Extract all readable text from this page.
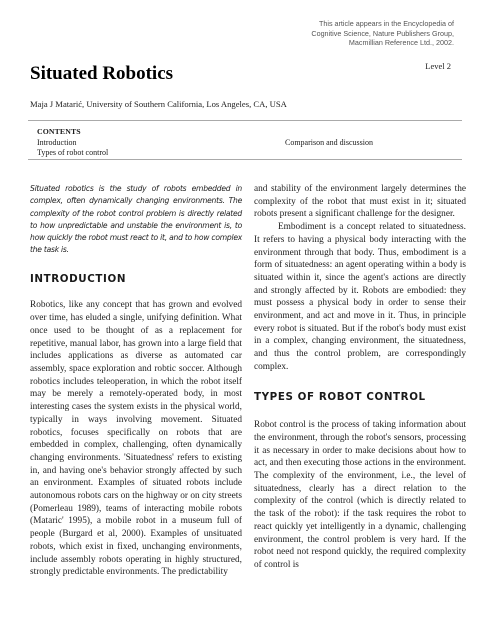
This article appears in the Encyclopedia of
Cognitive Science, Nature Publishers Group,
Macmillian Reference Ltd., 2002.
Level 2
Situated Robotics
Maja J Matarić, University of Southern California, Los Angeles, CA, USA
CONTENTS
Introduction
Types of robot control
Comparison and discussion

Situated robotics is the study of robots embedded in complex, often dynamically changing environments. The complexity of the robot control problem is directly related to how unpredictable and unstable the environment is, to how quickly the robot must react to it, and to how complex the task is.

INTRODUCTION

Robotics, like any concept that has grown and evolved over time, has eluded a single, unifying definition. What once used to be thought of as a replacement for repetitive, manual labor, has grown into a large field that includes applications as diverse as automated car assembly, space exploration and robtic soccer. Although robotics includes teleoperation, in which the robot itself may be merely a remotely-operated body, in most interesting cases the system exists in the physical world, typically in ways involving movement. Situated robotics, focuses specifically on robots that are embedded in complex, challenging, often dynamically changing environments. 'Situatedness' refers to existing in, and having one's behavior strongly affected by such an environment. Examples of situated robots include autonomous robots cars on the highway or on city streets (Pomerleau 1989), teams of interacting mobile robots (Mataric' 1995), a mobile robot in a museum full of people (Burgard et al, 2000). Examples of unsituated robots, which exist in fixed, unchanging environments, include assembly robots operating in highly structured, strongly predictable environments. The predictability

and stability of the environment largely determines the complexity of the robot that must exist in it; situated robots present a significant challenge for the designer.

Embodiment is a concept related to situatedness. It refers to having a physical body interacting with the environment through that body. Thus, embodiment is a form of situatedness: an agent operating within a body is situated within it, since the agent's actions are directly and strongly affected by it. Robots are embodied: they must possess a physical body in order to sense their environment, and act and move in it. Thus, in principle every robot is situated. But if the robot's body must exist in a complex, changing environment, the situatedness, and thus the control problem, are correspondingly complex.

TYPES OF ROBOT CONTROL

Robot control is the process of taking information about the environment, through the robot's sensors, processing it as necessary in order to make decisions about how to act, and then executing those actions in the environment. The complexity of the environment, i.e., the level of situatedness, clearly has a direct relation to the complexity of the control (which is directly related to the task of the robot): if the task requires the robot to react quickly yet intelligently in a dynamic, challenging environment, the control problem is very hard. If the robot need not respond quickly, the required complexity of control is
